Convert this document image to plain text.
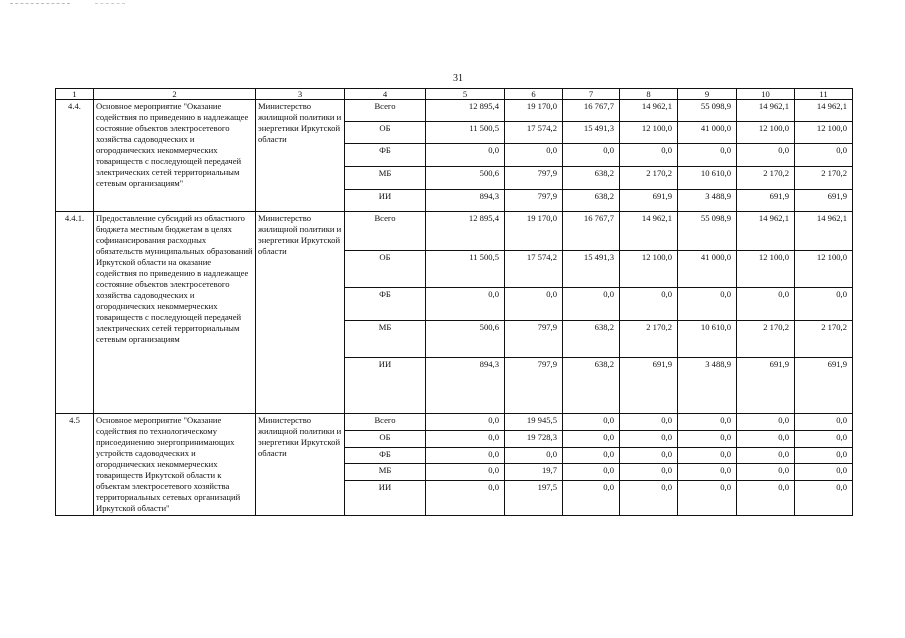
31
1	2	3	4	5	6	7	8	9	10	11
4.4.	Основное мероприятие "Оказание содействия по приведению в надлежащее состояние объектов электросетевого хозяйства садоводческих и огороднических некоммерческих товариществ с последующей передачей электрических сетей территориальным сетевым организациям"	Министерство жилищной политики и энергетики Иркутской области	Всего	12 895,4	19 170,0	16 767,7	14 962,1	55 098,9	14 962,1	14 962,1
			ОБ	11 500,5	17 574,2	15 491,3	12 100,0	41 000,0	12 100,0	12 100,0
			ФБ	0,0	0,0	0,0	0,0	0,0	0,0	0,0
			МБ	500,6	797,9	638,2	2 170,2	10 610,0	2 170,2	2 170,2
			ИИ	894,3	797,9	638,2	691,9	3 488,9	691,9	691,9
4.4.1.	Предоставление субсидий из областного бюджета местным бюджетам в целях софинансирования расходных обязательств муниципальных образований Иркутской области на оказание содействия по приведению в надлежащее состояние объектов электросетевого хозяйства садоводческих и огороднических некоммерческих товариществ с последующей передачей электрических сетей территориальным сетевым организациям	Министерство жилищной политики и энергетики Иркутской области	Всего	12 895,4	19 170,0	16 767,7	14 962,1	55 098,9	14 962,1	14 962,1
			ОБ	11 500,5	17 574,2	15 491,3	12 100,0	41 000,0	12 100,0	12 100,0
			ФБ	0,0	0,0	0,0	0,0	0,0	0,0	0,0
			МБ	500,6	797,9	638,2	2 170,2	10 610,0	2 170,2	2 170,2
			ИИ	894,3	797,9	638,2	691,9	3 488,9	691,9	691,9
4.5	Основное мероприятие "Оказание содействия по технологическому присоединению энергопринимающих устройств садоводческих и огороднических некоммерческих товариществ Иркутской области к объектам электросетевого хозяйства территориальных сетевых организаций Иркутской области"	Министерство жилищной политики и энергетики Иркутской области	Всего	0,0	19 945,5	0,0	0,0	0,0	0,0	0,0
			ОБ	0,0	19 728,3	0,0	0,0	0,0	0,0	0,0
			ФБ	0,0	0,0	0,0	0,0	0,0	0,0	0,0
			МБ	0,0	19,7	0,0	0,0	0,0	0,0	0,0
			ИИ	0,0	197,5	0,0	0,0	0,0	0,0	0,0
